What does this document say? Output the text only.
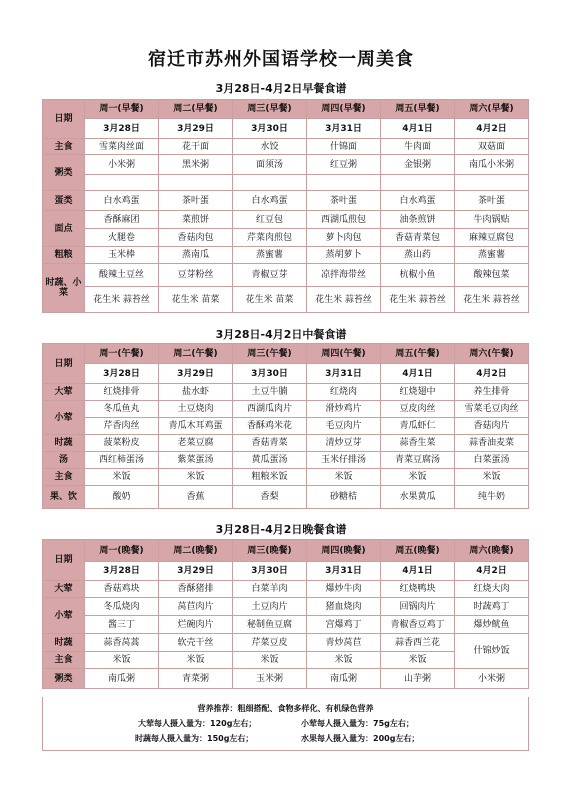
宿迁市苏州外国语学校一周美食
3月28日-4月2日早餐食谱
日期	周一(早餐)	周二(早餐)	周三(早餐)	周四(早餐)	周五(早餐)	周六(早餐)
	3月28日	3月29日	3月30日	3月31日	4月1日	4月2日
主食	雪菜肉丝面	花干面	水饺	什锦面	牛肉面	双菇面
粥类	小米粥	黑米粥	面须汤	红豆粥	金银粥	南瓜小米粥

蛋类	白水鸡蛋	茶叶蛋	白水鸡蛋	茶叶蛋	白水鸡蛋	茶叶蛋
面点	香酥麻团	菜煎饼	红豆包	西湖瓜煎包	油条煎饼	牛肉锅贴
	火腿卷	香菇肉包	芹菜肉煎包	萝卜肉包	香菇青菜包	麻辣豆腐包
粗粮	玉米棒	蒸南瓜	蒸蜜薯	蒸胡萝卜	蒸山药	蒸蜜薯
时蔬、小菜	酸辣土豆丝	豆芽粉丝	青椒豆芽	凉拌海带丝	杭椒小鱼	酸辣包菜
	花生米 蒜苔丝	花生米 苗菜	花生米 苗菜	花生米 蒜苔丝	花生米 蒜苔丝	花生米 蒜苔丝
3月28日-4月2日中餐食谱
日期	周一(午餐)	周二(午餐)	周三(午餐)	周四(午餐)	周五(午餐)	周六(午餐)
	3月28日	3月29日	3月30日	3月31日	4月1日	4月2日
大荤	红烧排骨	盐水虾	土豆牛腩	红烧肉	红烧翅中	养生排骨
小荤	冬瓜鱼丸	土豆烧肉	西湖瓜肉片	滑炒鸡片	豆皮肉丝	雪菜毛豆肉丝
	芹香肉丝	青瓜木耳鸡蛋	香酥鸡米花	毛豆肉片	青瓜虾仁	香菇肉片
时蔬	菠菜粉皮	老菜豆腐	香菇青菜	清炒豆芽	蒜香生菜	蒜香油麦菜
汤	西红柿蛋汤	紫菜蛋汤	黄瓜蛋汤	玉米仔排汤	青菜豆腐汤	白菜蛋汤
主食	米饭	米饭	粗粮米饭	米饭	米饭	米饭
果、饮	酸奶	香蕉	香梨	砂糖桔	水果黄瓜	纯牛奶
3月28日-4月2日晚餐食谱
日期	周一(晚餐)	周二(晚餐)	周三(晚餐)	周四(晚餐)	周五(晚餐)	周六(晚餐)
	3月28日	3月29日	3月30日	3月31日	4月1日	4月2日
大荤	香菇鸡块	香酥猪排	白菜羊肉	爆炒牛肉	红烧鸭块	红烧大肉
小荤	冬瓜烧肉	莴苣肉片	土豆肉片	猪血烧肉	回锅肉片	时蔬鸡丁
	酱三丁	烂碗肉片	秘制鱼豆腐	宫爆鸡丁	青椒香豆鸡丁	爆炒鱿鱼
时蔬	蒜香莴蒿	软壳干丝	芹菜豆皮	青炒莴苣	蒜香西兰花	什锦炒饭
主食	米饭	米饭	米饭	米饭	米饭	
粥类	南瓜粥	青菜粥	玉米粥	南瓜粥	山芋粥	小米粥
营养推荐：粗细搭配、食物多样化、有机绿色营养
大荤每人摄入量为：120g左右；	小荤每人摄入量为：75g左右；
时蔬每人摄入量为：150g左右；	水果每人摄入量为：200g左右；
